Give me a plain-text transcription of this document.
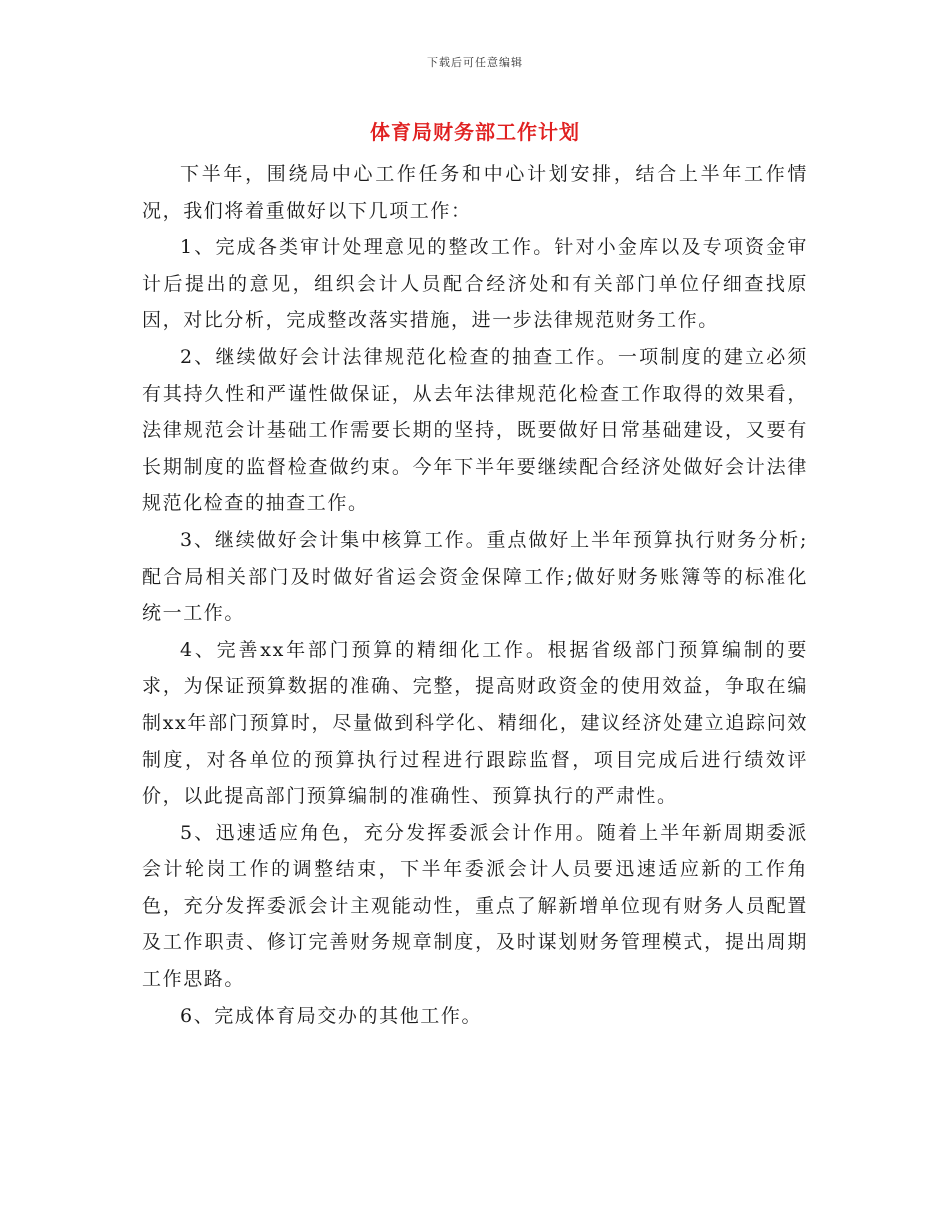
下载后可任意编辑
体育局财务部工作计划

下半年，围绕局中心工作任务和中心计划安排，结合上半年工作情况，我们将着重做好以下几项工作：

1、完成各类审计处理意见的整改工作。针对小金库以及专项资金审计后提出的意见，组织会计人员配合经济处和有关部门单位仔细查找原因，对比分析，完成整改落实措施，进一步法律规范财务工作。

2、继续做好会计法律规范化检查的抽查工作。一项制度的建立必须有其持久性和严谨性做保证，从去年法律规范化检查工作取得的效果看，法律规范会计基础工作需要长期的坚持，既要做好日常基础建设，又要有长期制度的监督检查做约束。今年下半年要继续配合经济处做好会计法律规范化检查的抽查工作。

3、继续做好会计集中核算工作。重点做好上半年预算执行财务分析;配合局相关部门及时做好省运会资金保障工作;做好财务账簿等的标准化统一工作。

4、完善xx年部门预算的精细化工作。根据省级部门预算编制的要求，为保证预算数据的准确、完整，提高财政资金的使用效益，争取在编制xx年部门预算时，尽量做到科学化、精细化，建议经济处建立追踪问效制度，对各单位的预算执行过程进行跟踪监督，项目完成后进行绩效评价，以此提高部门预算编制的准确性、预算执行的严肃性。

5、迅速适应角色，充分发挥委派会计作用。随着上半年新周期委派会计轮岗工作的调整结束，下半年委派会计人员要迅速适应新的工作角色，充分发挥委派会计主观能动性，重点了解新增单位现有财务人员配置及工作职责、修订完善财务规章制度，及时谋划财务管理模式，提出周期工作思路。

6、完成体育局交办的其他工作。
